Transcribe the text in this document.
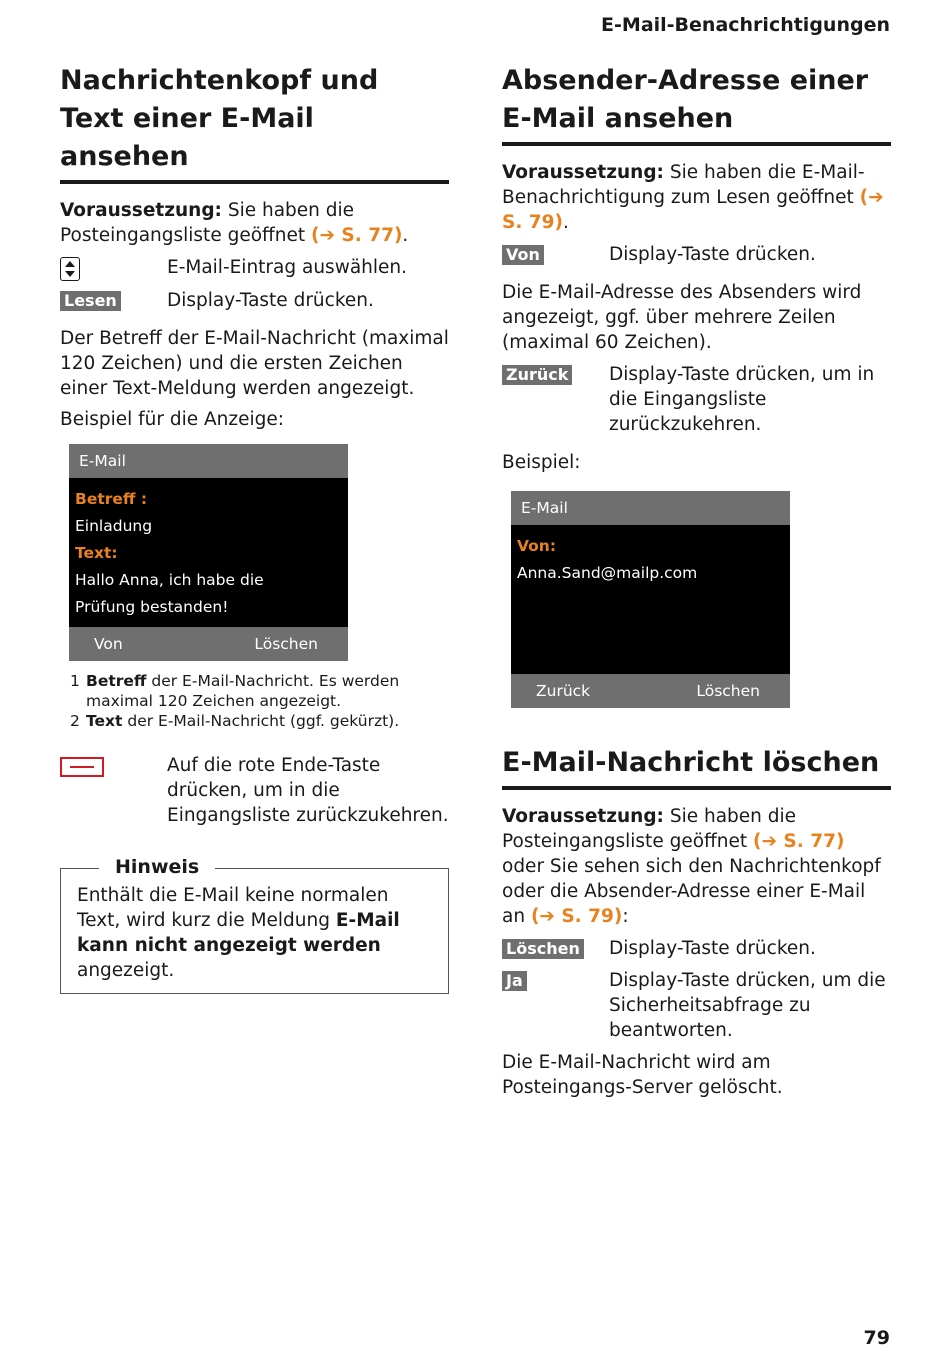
E-Mail-Benachrichtigungen
Nachrichtenkopf und Text einer E-Mail ansehen

Voraussetzung: Sie haben die Posteingangsliste geöffnet (➔ S. 77).

E-Mail-Eintrag auswählen.
Lesen	Display-Taste drücken.

Der Betreff der E-Mail-Nachricht (maximal 120 Zeichen) und die ersten Zeichen einer Text-Meldung werden angezeigt.

Beispiel für die Anzeige:

E-Mail
Betreff :
Einladung
Text:
Hallo Anna, ich habe die
Prüfung bestanden!
Von	Löschen
1 Betreff der E-Mail-Nachricht. Es werden maximal 120 Zeichen angezeigt.
2 Text der E-Mail-Nachricht (ggf. gekürzt).
Auf die rote Ende-Taste drücken, um in die Eingangsliste zurückzukehren.
Hinweis

Enthält die E-Mail keine normalen Text, wird kurz die Meldung E-Mail kann nicht angezeigt werden angezeigt.

Absender-Adresse einer E-Mail ansehen

Voraussetzung: Sie haben die E-Mail-Benachrichtigung zum Lesen geöffnet (➔ S. 79).

Von	Display-Taste drücken.

Die E-Mail-Adresse des Absenders wird angezeigt, ggf. über mehrere Zeilen (maximal 60 Zeichen).

Zurück	Display-Taste drücken, um in die Eingangsliste zurückzukehren.

Beispiel:

E-Mail
Von:
Anna.Sand@mailp.com
Zurück	Löschen
E-Mail-Nachricht löschen

Voraussetzung: Sie haben die Posteingangsliste geöffnet (➔ S. 77) oder Sie sehen sich den Nachrichtenkopf oder die Absender-Adresse einer E-Mail an (➔ S. 79):

Löschen	Display-Taste drücken.
Ja	Display-Taste drücken, um die Sicherheitsabfrage zu beantworten.

Die E-Mail-Nachricht wird am Posteingangs-Server gelöscht.

79
